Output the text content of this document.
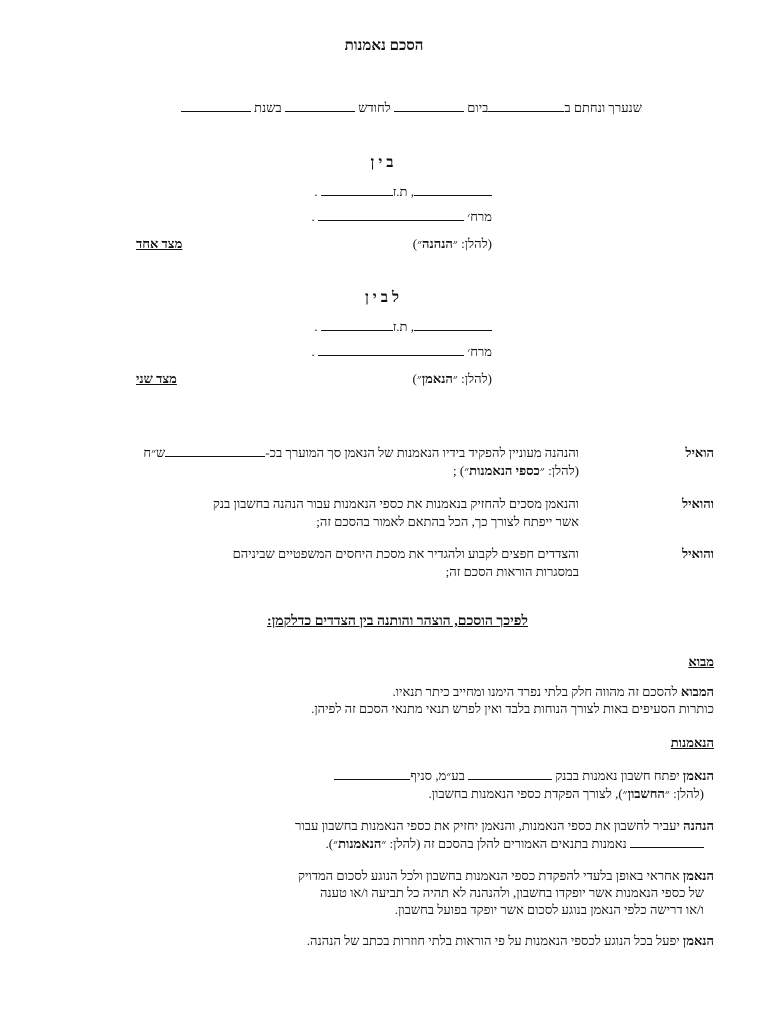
הסכם נאמנות
שנערך ונחתם בביום  לחודש  בשנת
בין
, ת.ז .
מרח׳  .
(להלן: ״הנהנה״)
מצד אחד
לבין
, ת.ז .
מרח׳  .
(להלן: ״הנאמן״)
מצד שני
הואיל
והנהנה מעוניין להפקיד בידיו הנאמנות של הנאמן סך המוערך בכ-ש״ח
(להלן: ״כספי הנאמנות״) ;
והואיל
והנאמן מסכים להחזיק בנאמנות את כספי הנאמנות עבור הנהנה בחשבון בנק
אשר ייפתח לצורך כך, הכל בהתאם לאמור בהסכם זה;
והואיל
והצדדים חפצים לקבוע ולהגדיר את מסכת היחסים המשפטיים שביניהם
במסגרות הוראות הסכם זה;
לפיכך הוסכם, הוצהר והותנה בין הצדדים כדלקמן:
מבוא
המבוא להסכם זה מהווה חלק בלתי נפרד הימנו ומחייב כיתר תנאיו.
כותרות הסעיפים באות לצורך הנוחות בלבד ואין לפרש תנאי מתנאי הסכם זה לפיהן.
הנאמנות
הנאמן יפתח חשבון נאמנות בבנק  בע״מ, סניף
(להלן: ״החשבון״), לצורך הפקדת כספי הנאמנות בחשבון.
הנהנה יעביר לחשבון את כספי הנאמנות, והנאמן יחזיק את כספי הנאמנות בחשבון עבור
נאמנות בתנאים האמורים להלן בהסכם זה (להלן: ״הנאמנות״).
הנאמן אחראי באופן בלעדי להפקדת כספי הנאמנות בחשבון ולכל הנוגע לסכום המדויק
של כספי הנאמנות אשר יופקדו בחשבון, ולהנהנה לא תהיה כל תביעה ו/או טענה
ו/או דרישה כלפי הנאמן בנוגע לסכום אשר יופקד בפועל בחשבון.
הנאמן יפעל בכל הנוגע לכספי הנאמנות על פי הוראות בלתי חוזרות בכתב של הנהנה.
